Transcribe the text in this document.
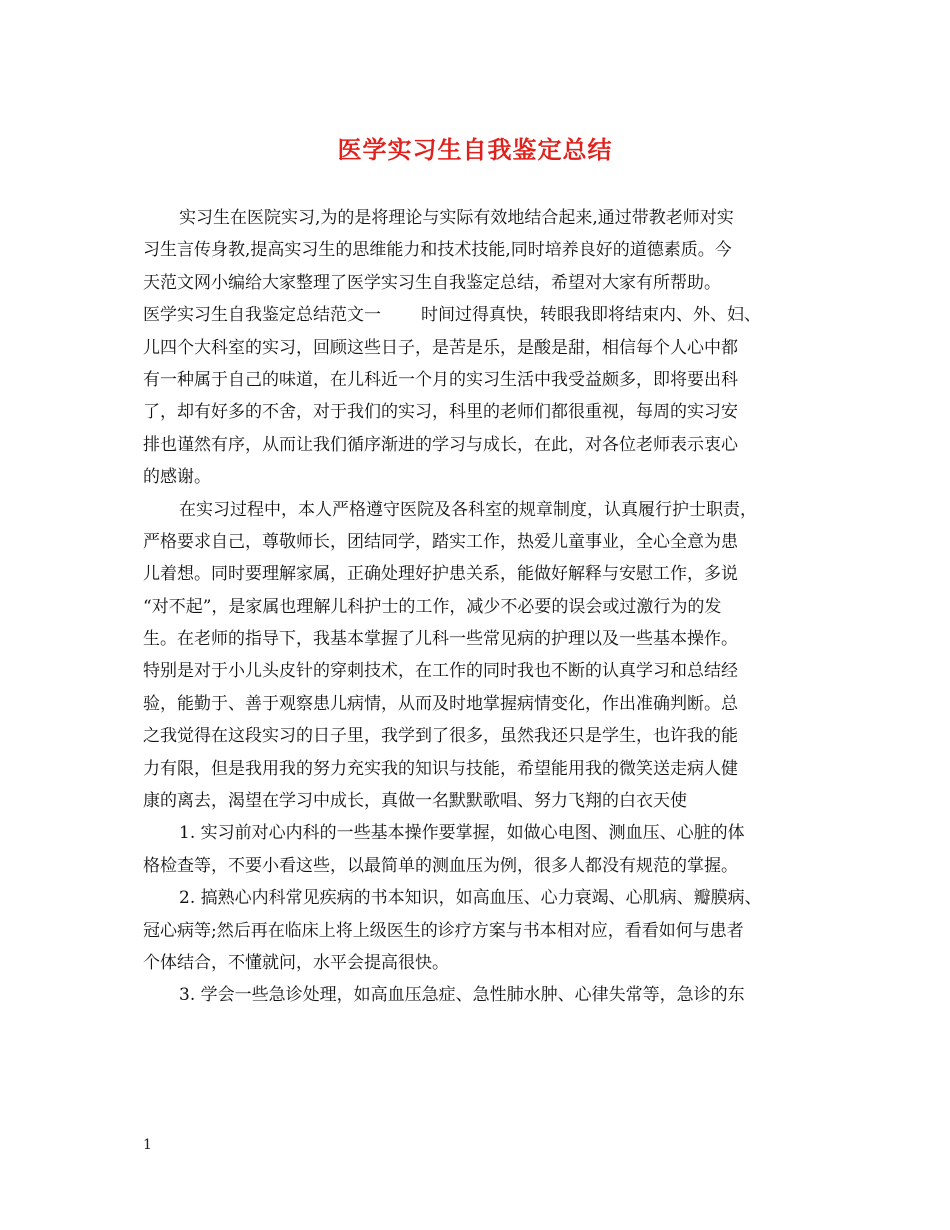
医学实习生自我鉴定总结
实习生在医院实习,为的是将理论与实际有效地结合起来,通过带教老师对实
习生言传身教,提高实习生的思维能力和技术技能,同时培养良好的道德素质。今
天范文网小编给大家整理了医学实习生自我鉴定总结，希望对大家有所帮助。
医学实习生自我鉴定总结范文一 时间过得真快，转眼我即将结束内、外、妇、
儿四个大科室的实习，回顾这些日子，是苦是乐，是酸是甜，相信每个人心中都
有一种属于自己的味道，在儿科近一个月的实习生活中我受益颇多，即将要出科
了，却有好多的不舍，对于我们的实习，科里的老师们都很重视，每周的实习安
排也谨然有序，从而让我们循序渐进的学习与成长，在此，对各位老师表示衷心
的感谢。
在实习过程中，本人严格遵守医院及各科室的规章制度，认真履行护士职责，
严格要求自己，尊敬师长，团结同学，踏实工作，热爱儿童事业，全心全意为患
儿着想。同时要理解家属，正确处理好护患关系，能做好解释与安慰工作，多说
“对不起”，是家属也理解儿科护士的工作，减少不必要的误会或过激行为的发
生。在老师的指导下，我基本掌握了儿科一些常见病的护理以及一些基本操作。
特别是对于小儿头皮针的穿刺技术，在工作的同时我也不断的认真学习和总结经
验，能勤于、善于观察患儿病情，从而及时地掌握病情变化，作出准确判断。总
之我觉得在这段实习的日子里，我学到了很多，虽然我还只是学生，也许我的能
力有限，但是我用我的努力充实我的知识与技能，希望能用我的微笑送走病人健
康的离去，渴望在学习中成长，真做一名默默歌唱、努力飞翔的白衣天使
1. 实习前对心内科的一些基本操作要掌握，如做心电图、测血压、心脏的体
格检查等，不要小看这些，以最简单的测血压为例，很多人都没有规范的掌握。
2. 搞熟心内科常见疾病的书本知识，如高血压、心力衰竭、心肌病、瓣膜病、
冠心病等;然后再在临床上将上级医生的诊疗方案与书本相对应，看看如何与患者
个体结合，不懂就问，水平会提高很快。
3. 学会一些急诊处理，如高血压急症、急性肺水肿、心律失常等，急诊的东
1
